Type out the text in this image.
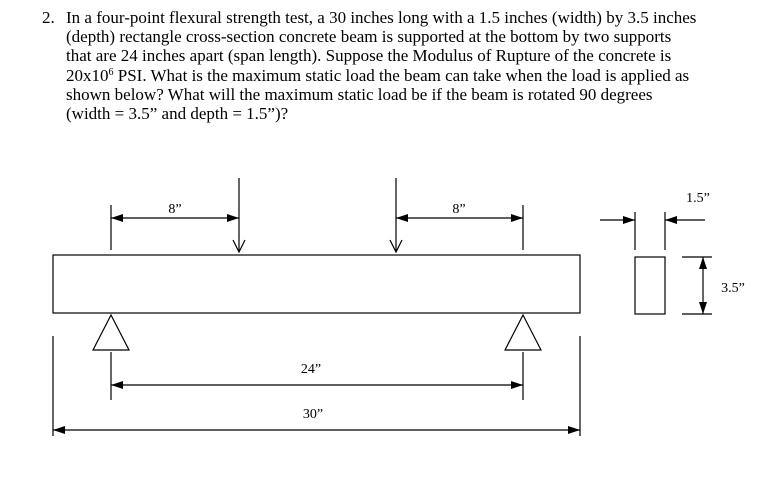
2. In a four-point flexural strength test, a 30 inches long with a 1.5 inches (width) by 3.5 inches
(depth) rectangle cross-section concrete beam is supported at the bottom by two supports
that are 24 inches apart (span length). Suppose the Modulus of Rupture of the concrete is
$20x10^6$ PSI. What is the maximum static load the beam can take when the load is applied as
shown below? What will the maximum static load be if the beam is rotated 90 degrees
(width = 3.5” and depth = 1.5”)?
8”	8”
24”
30”
1.5”
3.5”
